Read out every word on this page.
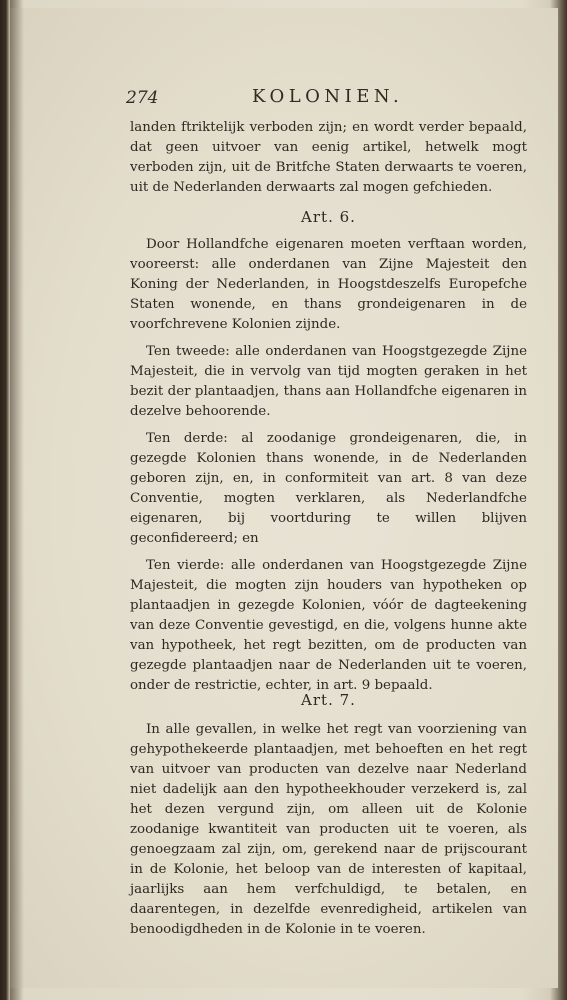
274	KOLONIEN.

landen ftriktelijk verboden zijn; en wordt verder bepaald, dat geen uitvoer van eenig artikel, hetwelk mogt verboden zijn, uit de Britfche Staten derwaarts te voeren, uit de Nederlanden derwaarts zal mogen gefchieden.

Art. 6.

Door Hollandfche eigenaren moeten verftaan worden, vooreerst: alle onderdanen van Zijne Majesteit den Koning der Nederlanden, in Hoogstdeszelfs Europefche Staten wonende, en thans grondeigenaren in de voorfchrevene Kolonien zijnde.

Ten tweede: alle onderdanen van Hoogstgezegde Zijne Majesteit, die in vervolg van tijd mogten geraken in het bezit der plantaadjen, thans aan Hollandfche eigenaren in dezelve behoorende.

Ten derde: al zoodanige grondeigenaren, die, in gezegde Kolonien thans wonende, in de Nederlanden geboren zijn, en, in conformiteit van art. 8 van deze Conventie, mogten verklaren, als Nederlandfche eigenaren, bij voortduring te willen blijven geconfidereerd; en

Ten vierde: alle onderdanen van Hoogstgezegde Zijne Majesteit, die mogten zijn houders van hypotheken op plantaadjen in gezegde Kolonien, vóór de dagteekening van deze Conventie gevestigd, en die, volgens hunne akte van hypotheek, het regt bezitten, om de producten van gezegde plantaadjen naar de Nederlanden uit te voeren, onder de restrictie, echter, in art. 9 bepaald.

Art. 7.

In alle gevallen, in welke het regt van voorziening van gehypothekeerde plantaadjen, met behoeften en het regt van uitvoer van producten van dezelve naar Nederland niet dadelijk aan den hypotheekhouder verzekerd is, zal het dezen vergund zijn, om alleen uit de Kolonie zoodanige kwantiteit van producten uit te voeren, als genoegzaam zal zijn, om, gerekend naar de prijscourant in de Kolonie, het beloop van de interesten of kapitaal, jaarlijks aan hem verfchuldigd, te betalen, en daarentegen, in dezelfde evenredigheid, artikelen van benoodigdheden in de Kolonie in te voeren.
